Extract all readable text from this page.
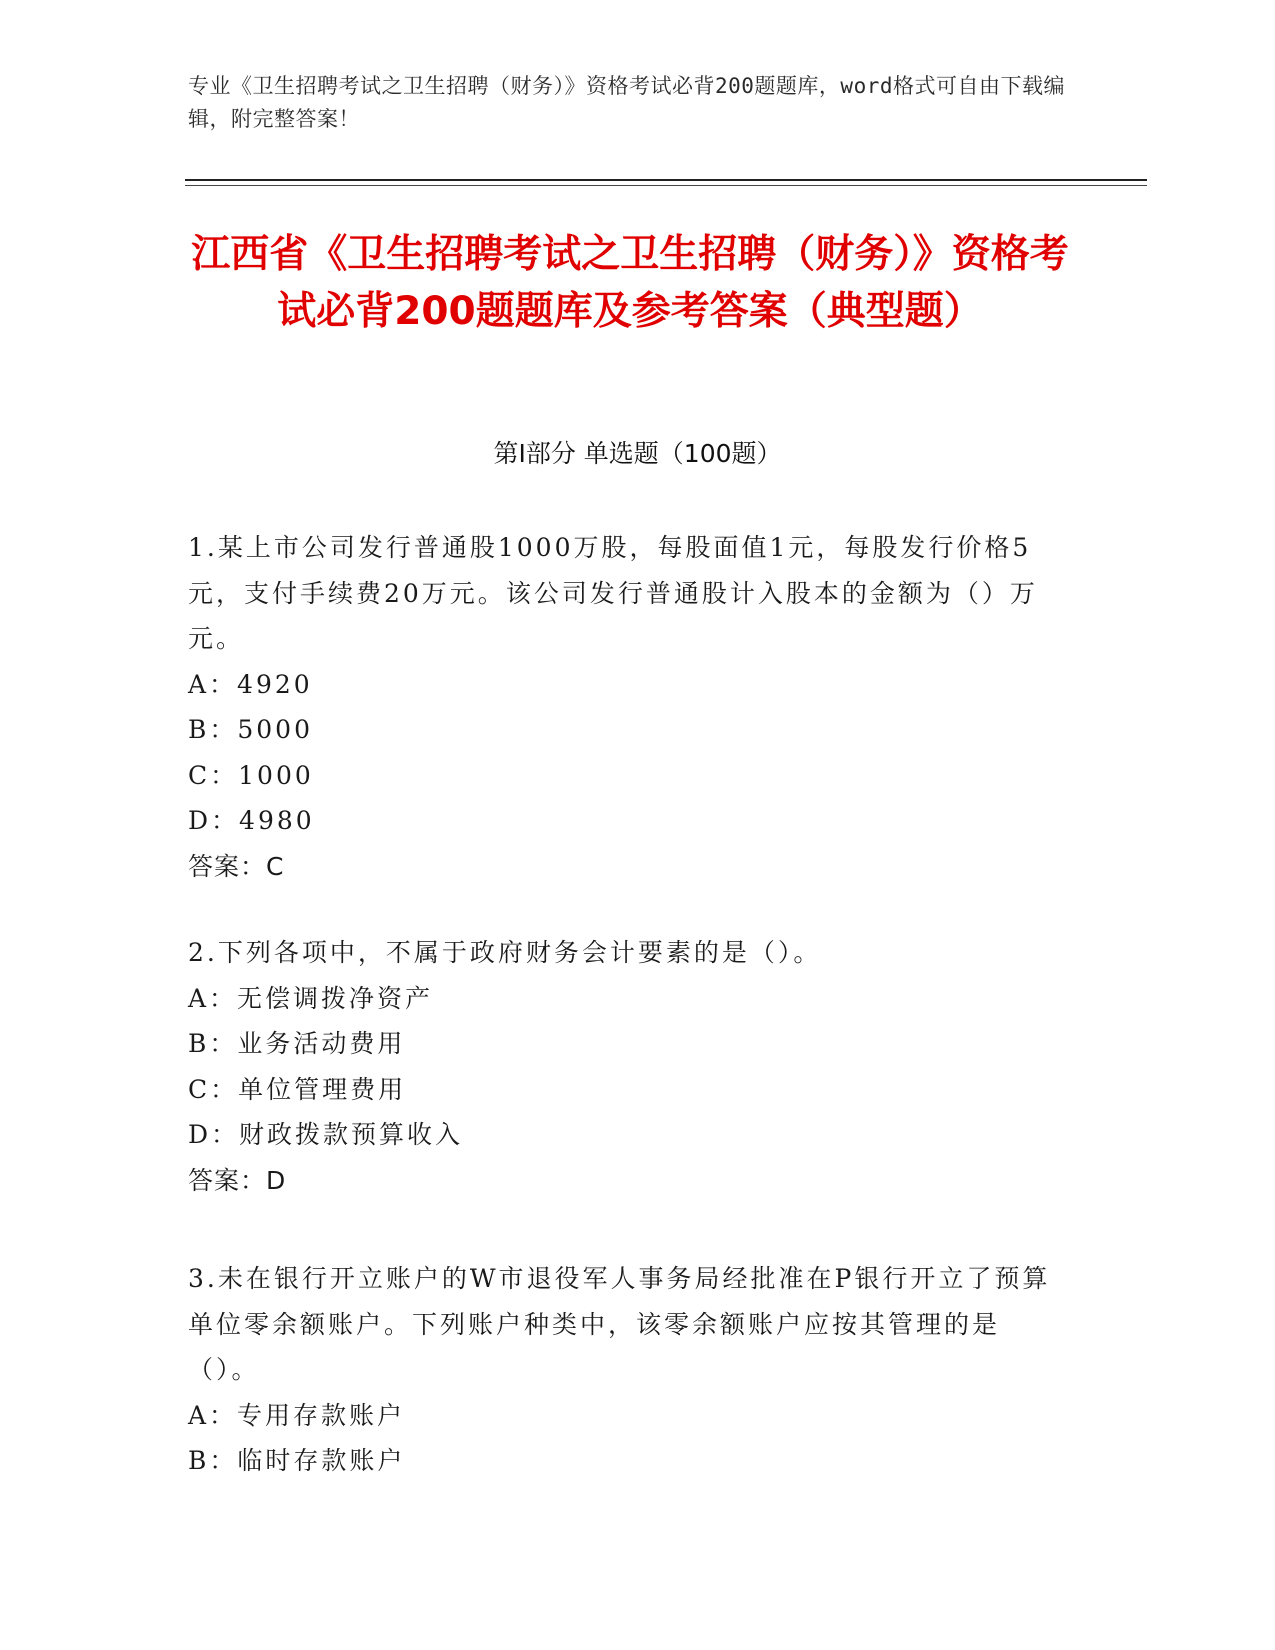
专业《卫生招聘考试之卫生招聘（财务）》资格考试必背200题题库，word格式可自由下载编辑，附完整答案！
江西省《卫生招聘考试之卫生招聘（财务）》资格考试必背200题题库及参考答案（典型题）
第Ⅰ部分 单选题（100题）

1.某上市公司发行普通股1000万股，每股面值1元，每股发行价格5元，支付手续费20万元。该公司发行普通股计入股本的金额为（）万元。

A：4920

B：5000

C：1000

D：4980

答案：C

2.下列各项中，不属于政府财务会计要素的是（）。

A：无偿调拨净资产

B：业务活动费用

C：单位管理费用

D：财政拨款预算收入

答案：D

3.未在银行开立账户的W市退役军人事务局经批准在P银行开立了预算单位零余额账户。下列账户种类中，该零余额账户应按其管理的是（）。

A：专用存款账户

B：临时存款账户
